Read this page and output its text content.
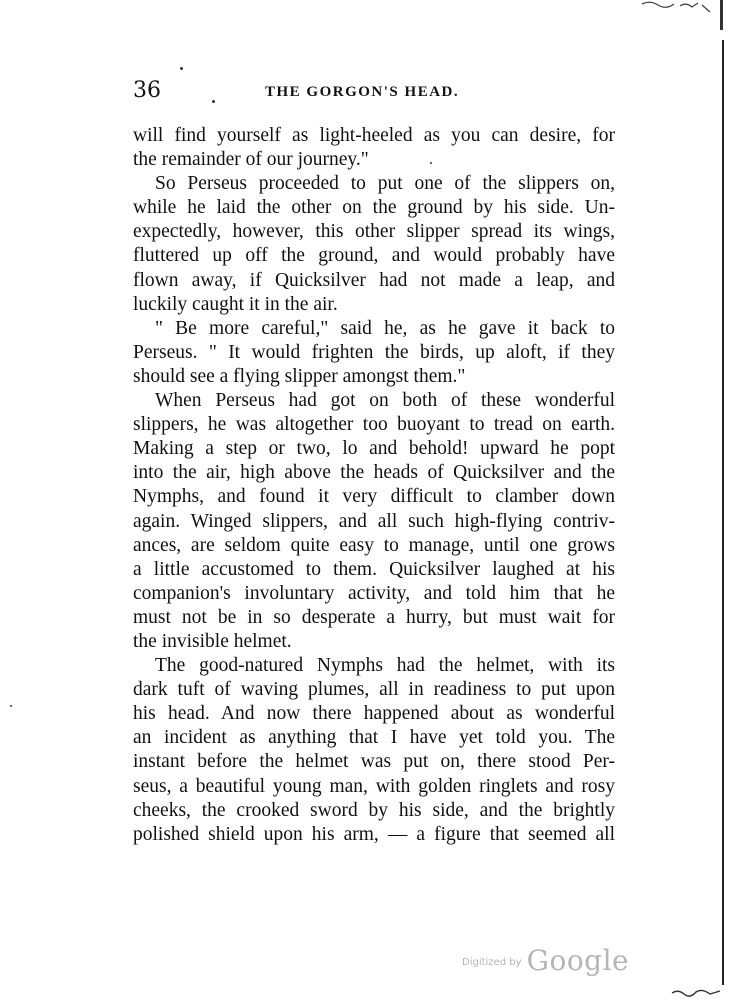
36	THE GORGON'S HEAD.
will find yourself as light-heeled as you can desire, for
the remainder of our journey."
So Perseus proceeded to put one of the slippers on,
while he laid the other on the ground by his side. Un-
expectedly, however, this other slipper spread its wings,
fluttered up off the ground, and would probably have
flown away, if Quicksilver had not made a leap, and
luckily caught it in the air.
" Be more careful," said he, as he gave it back to
Perseus. " It would frighten the birds, up aloft, if they
should see a flying slipper amongst them."
When Perseus had got on both of these wonderful
slippers, he was altogether too buoyant to tread on earth.
Making a step or two, lo and behold! upward he popt
into the air, high above the heads of Quicksilver and the
Nymphs, and found it very difficult to clamber down
again. Winged slippers, and all such high-flying contriv-
ances, are seldom quite easy to manage, until one grows
a little accustomed to them. Quicksilver laughed at his
companion's involuntary activity, and told him that he
must not be in so desperate a hurry, but must wait for
the invisible helmet.
The good-natured Nymphs had the helmet, with its
dark tuft of waving plumes, all in readiness to put upon
his head. And now there happened about as wonderful
an incident as anything that I have yet told you. The
instant before the helmet was put on, there stood Per-
seus, a beautiful young man, with golden ringlets and rosy
cheeks, the crooked sword by his side, and the brightly
polished shield upon his arm, — a figure that seemed all
$^{Digitized by}$ Google
